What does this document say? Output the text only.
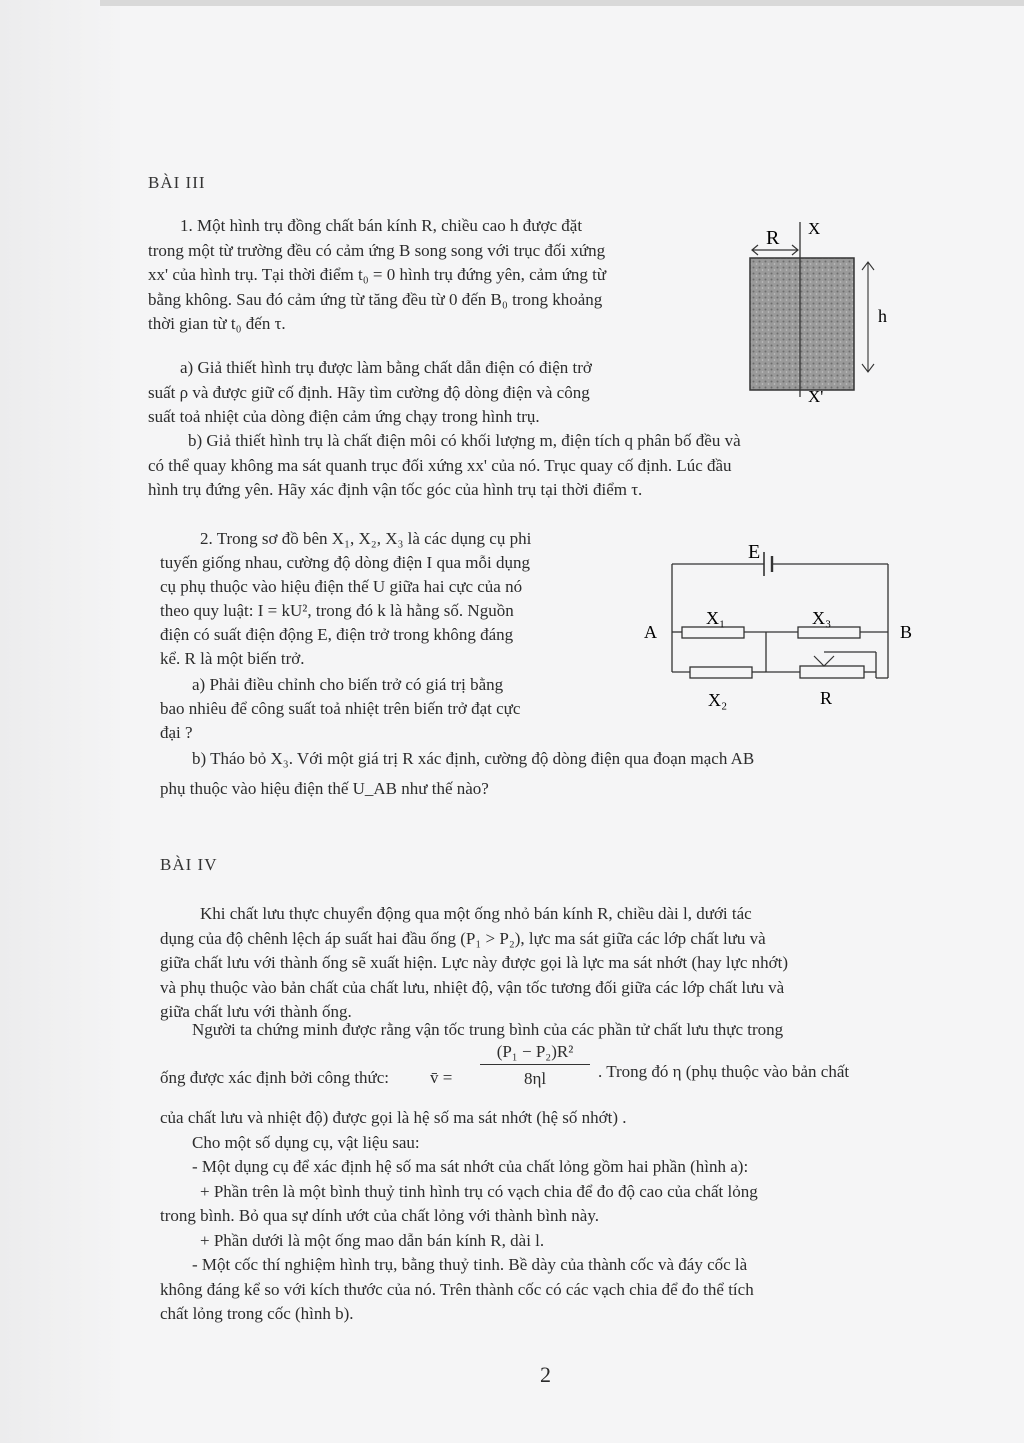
BÀI III

1. Một hình trụ đồng chất bán kính R, chiều cao h được đặt

trong một từ trường đều có cảm ứng B song song với trục đối xứng

xx' của hình trụ. Tại thời điểm t₀ = 0 hình trụ đứng yên, cảm ứng từ

bằng không. Sau đó cảm ứng từ tăng đều từ 0 đến B₀ trong khoảng

thời gian từ t₀ đến τ.

a) Giả thiết hình trụ được làm bằng chất dẫn điện có điện trở

suất ρ và được giữ cố định. Hãy tìm cường độ dòng điện và công

suất toả nhiệt của dòng điện cảm ứng chạy trong hình trụ.

b) Giả thiết hình trụ là chất điện môi có khối lượng m, điện tích q phân bố đều và

có thể quay không ma sát quanh trục đối xứng xx' của nó. Trục quay cố định. Lúc đầu

hình trụ đứng yên. Hãy xác định vận tốc góc của hình trụ tại thời điểm τ.

R X
h
X'

2. Trong sơ đồ bên X₁, X₂, X₃ là các dụng cụ phi

tuyến giống nhau, cường độ dòng điện I qua mỗi dụng

cụ phụ thuộc vào hiệu điện thế U giữa hai cực của nó

theo quy luật: I = kU², trong đó k là hằng số. Nguồn

điện có suất điện động E, điện trở trong không đáng

kể. R là một biến trở.

a) Phải điều chỉnh cho biến trở có giá trị bằng

bao nhiêu để công suất toả nhiệt trên biến trở đạt cực

đại ?

b) Tháo bỏ X₃. Với một giá trị R xác định, cường độ dòng điện qua đoạn mạch AB

phụ thuộc vào hiệu điện thế U_AB như thế nào?

E
A	B
X₁	X₃
X₂	R
BÀI IV

Khi chất lưu thực chuyển động qua một ống nhỏ bán kính R, chiều dài l, dưới tác

dụng của độ chênh lệch áp suất hai đầu ống (P₁ > P₂), lực ma sát giữa các lớp chất lưu và

giữa chất lưu với thành ống sẽ xuất hiện. Lực này được gọi là lực ma sát nhớt (hay lực nhớt)

và phụ thuộc vào bản chất của chất lưu, nhiệt độ, vận tốc tương đối giữa các lớp chất lưu và

giữa chất lưu với thành ống.

Người ta chứng minh được rằng vận tốc trung bình của các phần tử chất lưu thực trong

ống được xác định bởi công thức: v̄ = $\frac{\text{(P₁ − P₂)R²}}{8\eta l}$ . Trong đó η (phụ thuộc vào bản chất

của chất lưu và nhiệt độ) được gọi là hệ số ma sát nhớt (hệ số nhớt) .

Cho một số dụng cụ, vật liệu sau:

- Một dụng cụ để xác định hệ số ma sát nhớt của chất lỏng gồm hai phần (hình a):

+ Phần trên là một bình thuỷ tinh hình trụ có vạch chia để đo độ cao của chất lỏng

trong bình. Bỏ qua sự dính ướt của chất lỏng với thành bình này.

+ Phần dưới là một ống mao dẫn bán kính R, dài l.

- Một cốc thí nghiệm hình trụ, bằng thuỷ tinh. Bề dày của thành cốc và đáy cốc là

không đáng kể so với kích thước của nó. Trên thành cốc có các vạch chia để đo thể tích

chất lỏng trong cốc (hình b).

2
